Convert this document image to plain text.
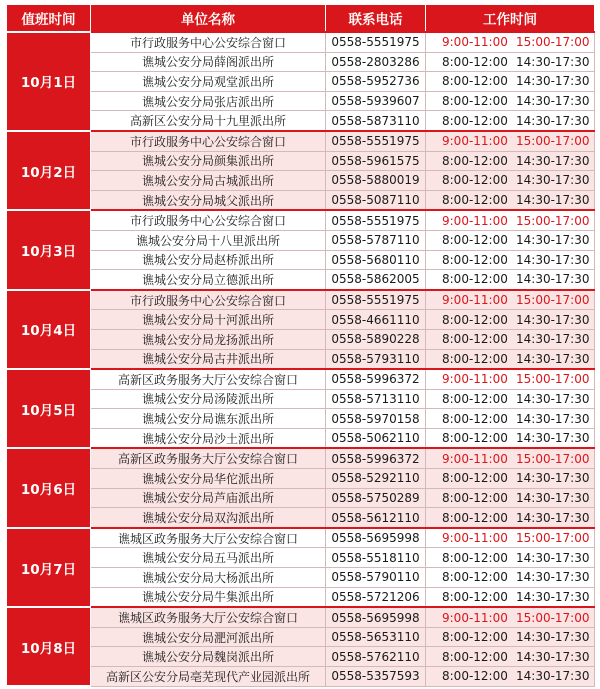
值班时间	单位名称	联系电话	工作时间
10月1日	市行政服务中心公安综合窗口	0558-5551975	9:00-11:00 15:00-17:00
	谯城公安分局薛阁派出所	0558-2803286	8:00-12:00 14:30-17:30
	谯城公安分局观堂派出所	0558-5952736	8:00-12:00 14:30-17:30
	谯城公安分局张店派出所	0558-5939607	8:00-12:00 14:30-17:30
	高新区公安分局十九里派出所	0558-5873110	8:00-12:00 14:30-17:30
10月2日	市行政服务中心公安综合窗口	0558-5551975	9:00-11:00 15:00-17:00
	谯城公安分局颜集派出所	0558-5961575	8:00-12:00 14:30-17:30
	谯城公安分局古城派出所	0558-5880019	8:00-12:00 14:30-17:30
	谯城公安分局城父派出所	0558-5087110	8:00-12:00 14:30-17:30
10月3日	市行政服务中心公安综合窗口	0558-5551975	9:00-11:00 15:00-17:00
	谯城公安分局十八里派出所	0558-5787110	8:00-12:00 14:30-17:30
	谯城公安分局赵桥派出所	0558-5680110	8:00-12:00 14:30-17:30
	谯城公安分局立德派出所	0558-5862005	8:00-12:00 14:30-17:30
10月4日	市行政服务中心公安综合窗口	0558-5551975	9:00-11:00 15:00-17:00
	谯城公安分局十河派出所	0558-4661110	8:00-12:00 14:30-17:30
	谯城公安分局龙扬派出所	0558-5890228	8:00-12:00 14:30-17:30
	谯城公安分局古井派出所	0558-5793110	8:00-12:00 14:30-17:30
10月5日	高新区政务服务大厅公安综合窗口	0558-5996372	9:00-11:00 15:00-17:00
	谯城公安分局汤陵派出所	0558-5713110	8:00-12:00 14:30-17:30
	谯城公安分局谯东派出所	0558-5970158	8:00-12:00 14:30-17:30
	谯城公安分局沙土派出所	0558-5062110	8:00-12:00 14:30-17:30
10月6日	高新区政务服务大厅公安综合窗口	0558-5996372	9:00-11:00 15:00-17:00
	谯城公安分局华佗派出所	0558-5292110	8:00-12:00 14:30-17:30
	谯城公安分局芦庙派出所	0558-5750289	8:00-12:00 14:30-17:30
	谯城公安分局双沟派出所	0558-5612110	8:00-12:00 14:30-17:30
10月7日	谯城区政务服务大厅公安综合窗口	0558-5695998	9:00-11:00 15:00-17:00
	谯城公安分局五马派出所	0558-5518110	8:00-12:00 14:30-17:30
	谯城公安分局大杨派出所	0558-5790110	8:00-12:00 14:30-17:30
	谯城公安分局牛集派出所	0558-5721206	8:00-12:00 14:30-17:30
10月8日	谯城区政务服务大厅公安综合窗口	0558-5695998	9:00-11:00 15:00-17:00
	谯城公安分局淝河派出所	0558-5653110	8:00-12:00 14:30-17:30
	谯城公安分局魏岗派出所	0558-5762110	8:00-12:00 14:30-17:30
	高新区公安分局亳芜现代产业园派出所	0558-5357593	8:00-12:00 14:30-17:30
